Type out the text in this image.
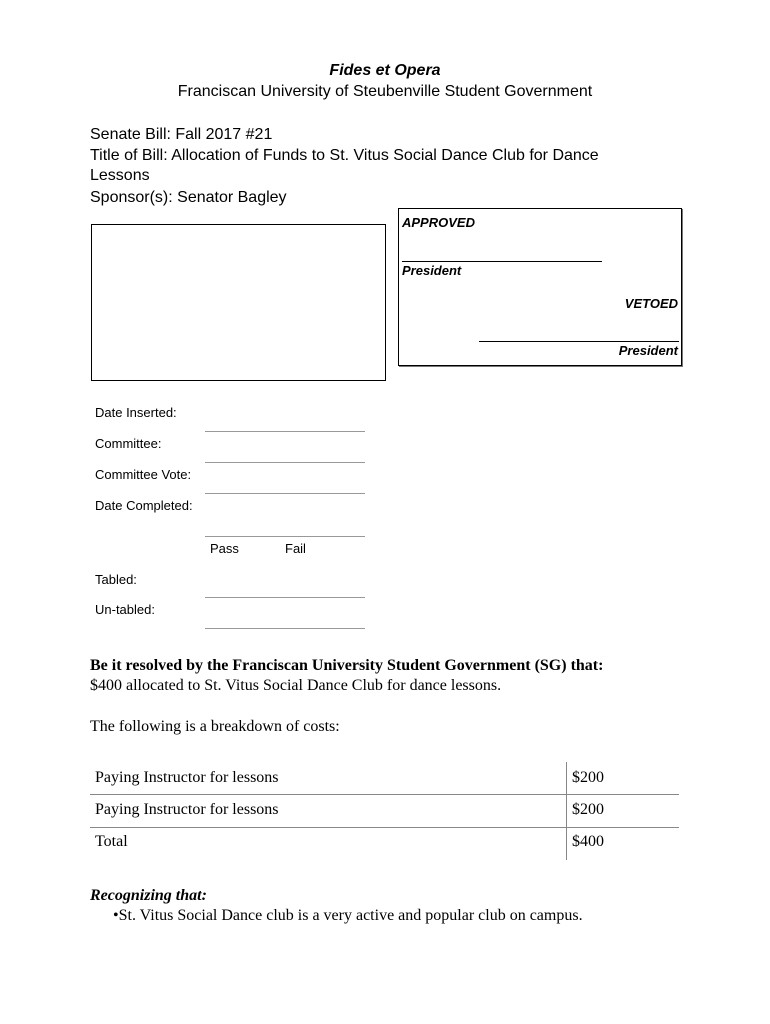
Fides et Opera
Franciscan University of Steubenville Student Government
Senate Bill: Fall 2017 #21
Title of Bill: Allocation of Funds to St. Vitus Social Dance Club for Dance
Lessons
Sponsor(s): Senator Bagley
APPROVED
President
VETOED
President
Date Inserted:
Committee:
Committee Vote:
Date Completed:
Pass	Fail
Tabled:
Un-tabled:
Be it resolved by the Franciscan University Student Government (SG) that:
$400 allocated to St. Vitus Social Dance Club for dance lessons.
The following is a breakdown of costs:
Paying Instructor for lessons	$200
Paying Instructor for lessons	$200
Total	$400
Recognizing that:
•St. Vitus Social Dance club is a very active and popular club on campus.
